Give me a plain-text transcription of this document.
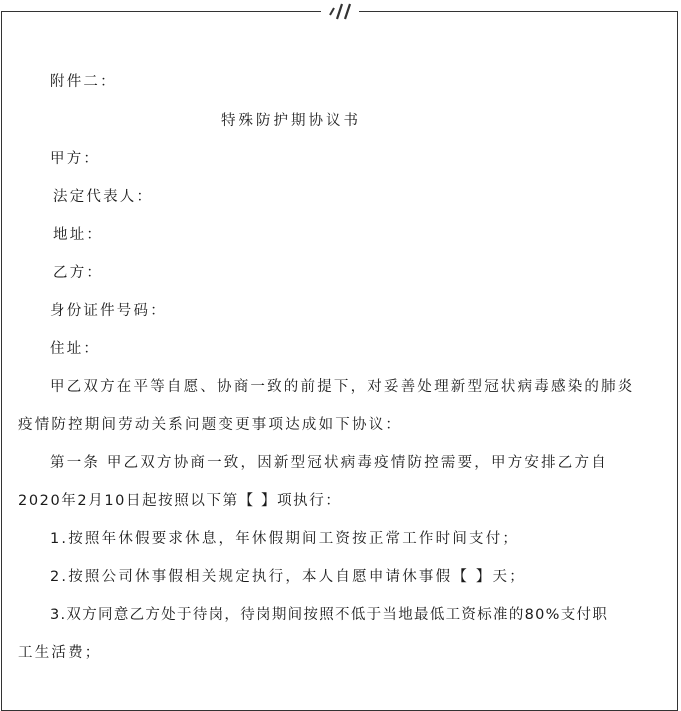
附件二：
特殊防护期协议书
甲方：
法定代表人：
地址：
乙方：
身份证件号码：
住址：
甲乙双方在平等自愿、协商一致的前提下，对妥善处理新型冠状病毒感染的肺炎
疫情防控期间劳动关系问题变更事项达成如下协议：
第一条 甲乙双方协商一致，因新型冠状病毒疫情防控需要，甲方安排乙方自
2020年2月10日起按照以下第【 】项执行：
1.按照年休假要求休息，年休假期间工资按正常工作时间支付；
2.按照公司休事假相关规定执行，本人自愿申请休事假【 】天；
3.双方同意乙方处于待岗，待岗期间按照不低于当地最低工资标准的80%支付职
工生活费；
